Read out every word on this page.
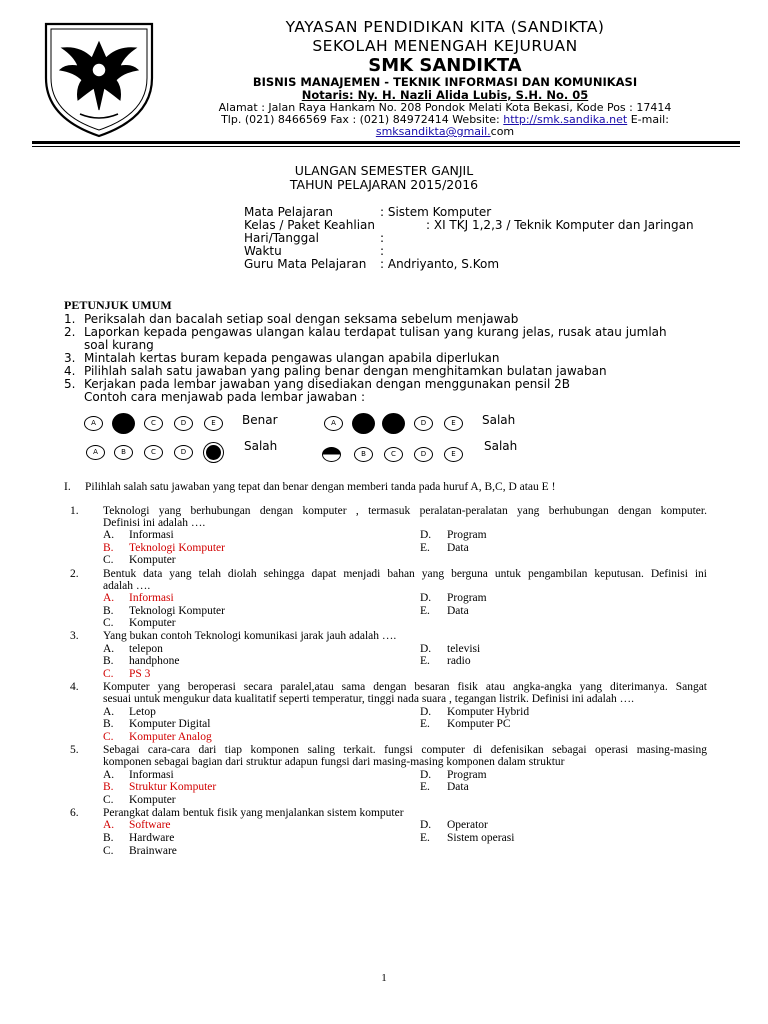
YAYASAN PENDIDIKAN KITA (SANDIKTA)
SEKOLAH MENENGAH KEJURUAN
SMK SANDIKTA
BISNIS MANAJEMEN - TEKNIK INFORMASI DAN KOMUNIKASI
Notaris: Ny. H. Nazli Alida Lubis, S.H. No. 05
Alamat : Jalan Raya Hankam No. 208 Pondok Melati Kota Bekasi, Kode Pos : 17414
Tlp. (021) 8466569 Fax : (021) 84972414 Website: http://smk.sandika.net E-mail:
smksandikta@gmail.com
ULANGAN SEMESTER GANJIL
TAHUN PELAJARAN 2015/2016
Mata Pelajaran	: Sistem Komputer
Kelas / Paket Keahlian	: XI TKJ 1,2,3 / Teknik Komputer dan Jaringan
Hari/Tanggal	:
Waktu	:
Guru Mata Pelajaran : Andriyanto, S.Kom
PETUNJUK UMUM
1. Periksalah dan bacalah setiap soal dengan seksama sebelum menjawab
2. Laporkan kepada pengawas ulangan kalau terdapat tulisan yang kurang jelas, rusak atau jumlah
soal kurang
3. Mintalah kertas buram kepada pengawas ulangan apabila diperlukan
4. Pilihlah salah satu jawaban yang paling benar dengan menghitamkan bulatan jawaban
5. Kerjakan pada lembar jawaban yang disediakan dengan menggunakan pensil 2B
Contoh cara menjawab pada lembar jawaban :
A	C	D	E	Benar	A	D	E	Salah
A	B	C	D	Salah
B	C	D	E
Salah
I. Pilihlah salah satu jawaban yang tepat dan benar dengan memberi tanda pada huruf A, B,C, D atau E !
1. Teknologi yang berhubungan dengan komputer , termasuk peralatan-peralatan yang berhubungan dengan komputer.
Definisi ini adalah ….
A. Informasi	D. Program
B. Teknologi Komputer	E. Data
C. Komputer
2. Bentuk data yang telah diolah sehingga dapat menjadi bahan yang berguna untuk pengambilan keputusan. Definisi ini
adalah ….
A. Informasi	D. Program
B. Teknologi Komputer	E. Data
C. Komputer
3. Yang bukan contoh Teknologi komunikasi jarak jauh adalah ….
A. telepon	D. televisi
B. handphone	E. radio
C. PS 3
4. Komputer yang beroperasi secara paralel,atau sama dengan besaran fisik atau angka-angka yang diterimanya. Sangat
sesuai untuk mengukur data kualitatif seperti temperatur, tinggi nada suara , tegangan listrik. Definisi ini adalah ….
A. Letop	D. Komputer Hybrid
B. Komputer Digital	E. Komputer PC
C. Komputer Analog
5. Sebagai cara-cara dari tiap komponen saling terkait. fungsi computer di defenisikan sebagai operasi masing-masing
komponen sebagai bagian dari struktur adapun fungsi dari masing-masing komponen dalam struktur
A. Informasi	D. Program
B. Struktur Komputer	E. Data
C. Komputer
6. Perangkat dalam bentuk fisik yang menjalankan sistem komputer
A. Software	D. Operator
B. Hardware	E. Sistem operasi
C. Brainware
1
